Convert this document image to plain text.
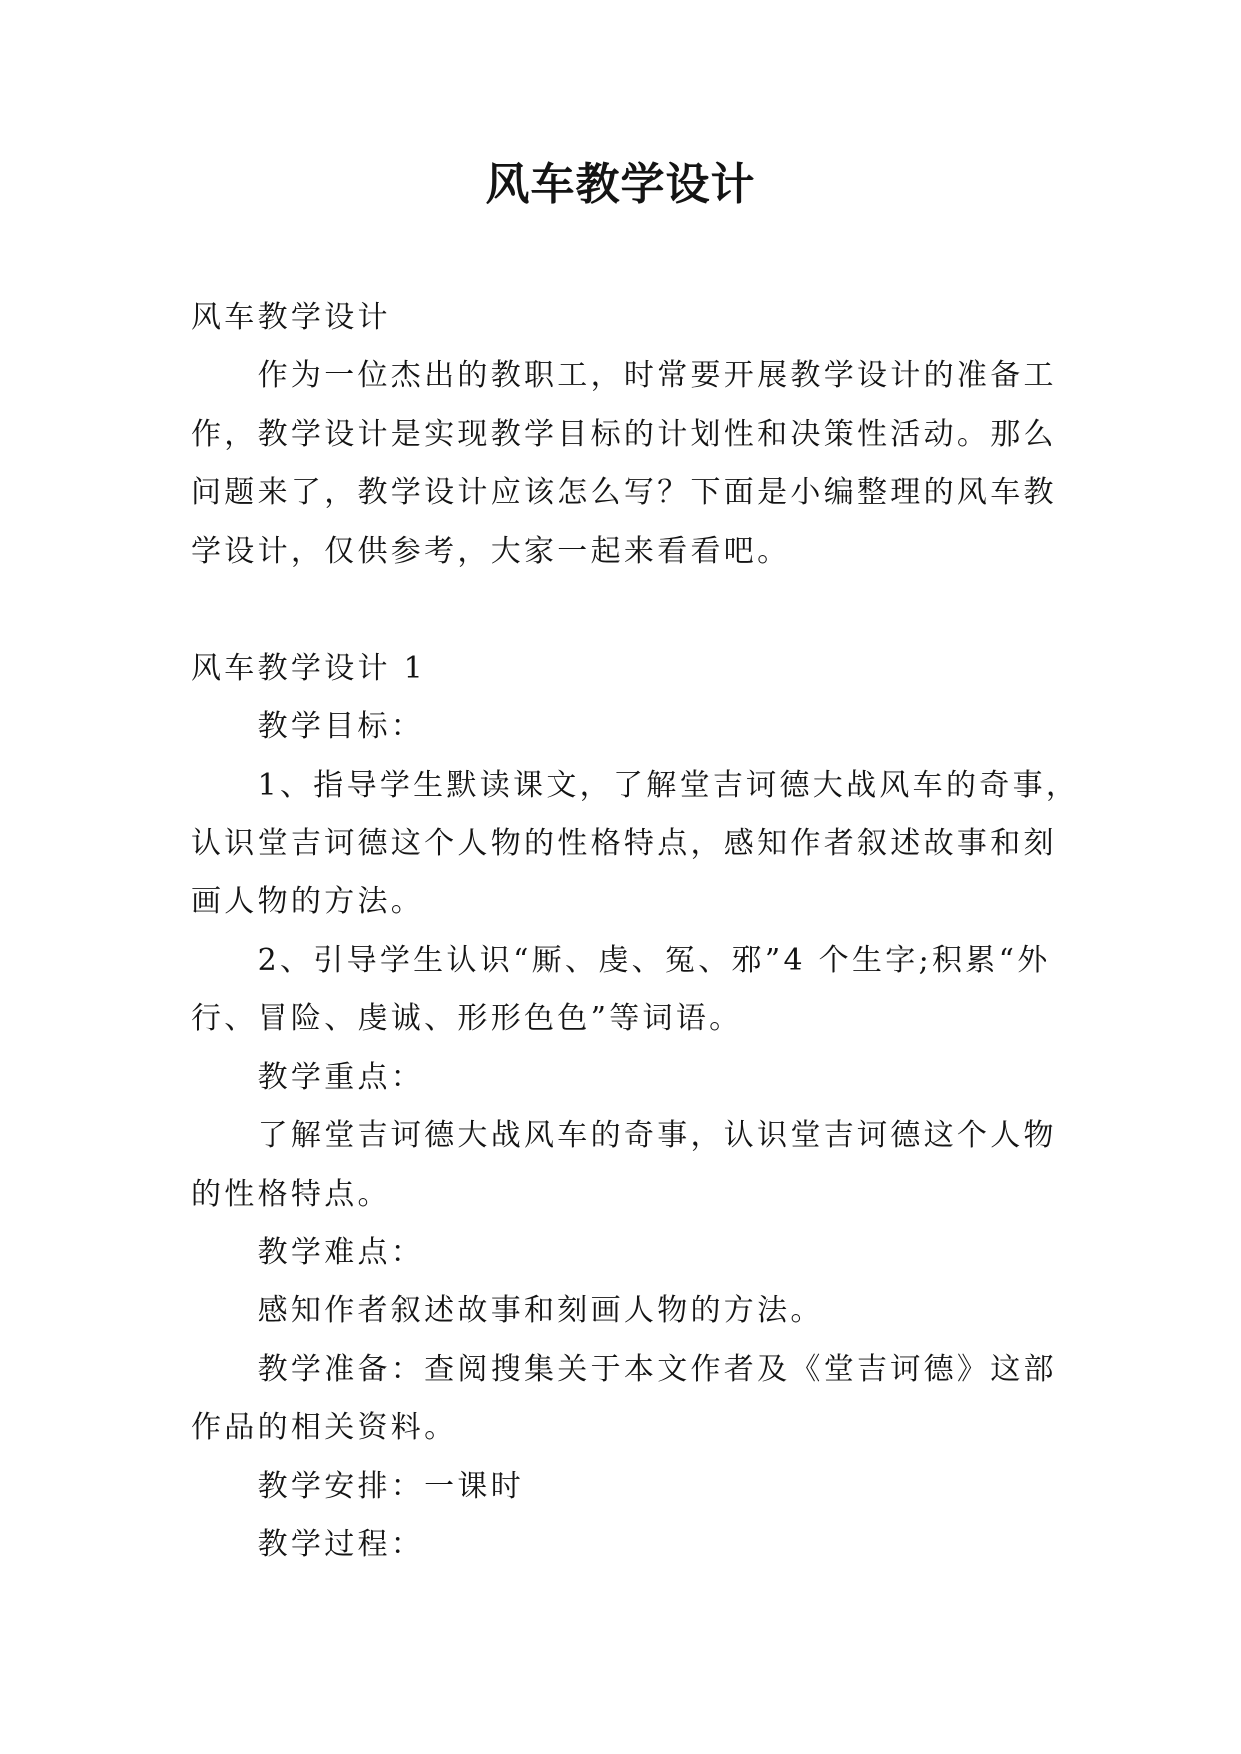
风车教学设计
风车教学设计
作为一位杰出的教职工，时常要开展教学设计的准备工
作，教学设计是实现教学目标的计划性和决策性活动。那么
问题来了，教学设计应该怎么写？下面是小编整理的风车教
学设计，仅供参考，大家一起来看看吧。
风车教学设计 1
教学目标：
1、指导学生默读课文，了解堂吉诃德大战风车的奇事，
认识堂吉诃德这个人物的性格特点，感知作者叙述故事和刻
画人物的方法。
2、引导学生认识“厮、虔、冤、邪”4 个生字;积累“外
行、冒险、虔诚、形形色色”等词语。
教学重点：
了解堂吉诃德大战风车的奇事，认识堂吉诃德这个人物
的性格特点。
教学难点：
感知作者叙述故事和刻画人物的方法。
教学准备：查阅搜集关于本文作者及《堂吉诃德》这部
作品的相关资料。
教学安排：一课时
教学过程：
